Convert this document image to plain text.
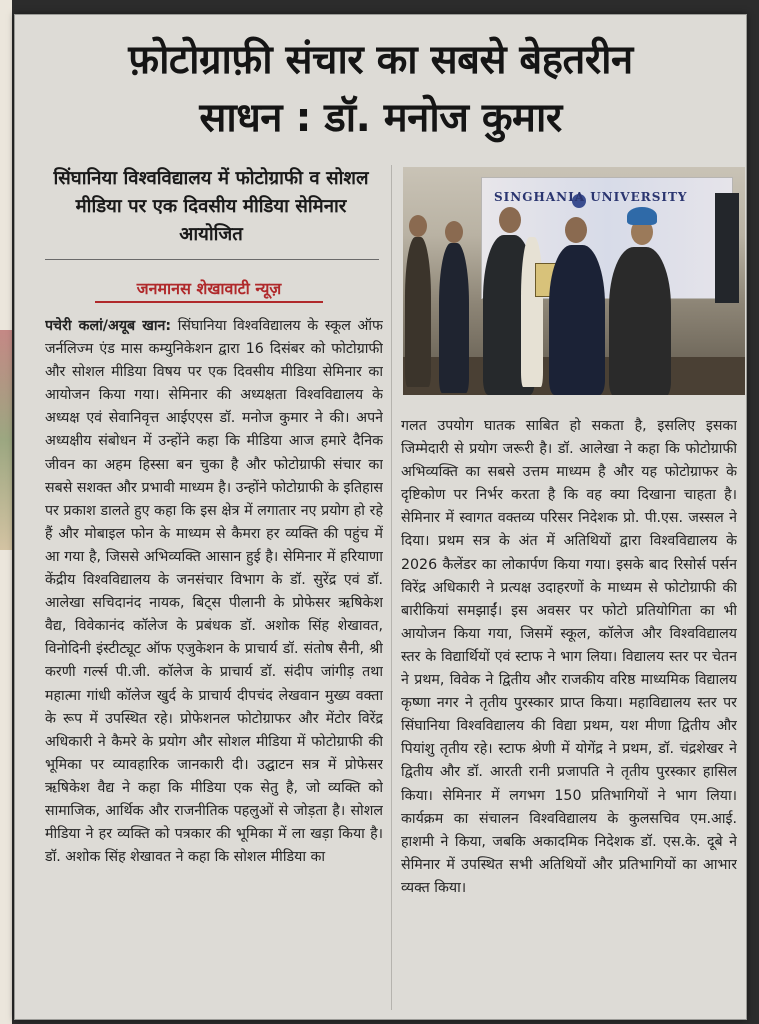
फ़ोटोग्राफ़ी संचार का सबसे बेहतरीन
साधन : डॉ. मनोज कुमार
सिंघानिया विश्वविद्यालय में फोटोग्राफी व सोशल मीडिया पर एक दिवसीय मीडिया सेमिनार आयोजित
जनमानस शेखावाटी न्यूज़
पचेरी कलां/अयूब खान: सिंघानिया विश्वविद्यालय के स्कूल ऑफ जर्नलिज्म एंड मास कम्युनिकेशन द्वारा 16 दिसंबर को फोटोग्राफी और सोशल मीडिया विषय पर एक दिवसीय मीडिया सेमिनार का आयोजन किया गया। सेमिनार की अध्यक्षता विश्वविद्यालय के अध्यक्ष एवं सेवानिवृत्त आईएएस डॉ. मनोज कुमार ने की। अपने अध्यक्षीय संबोधन में उन्होंने कहा कि मीडिया आज हमारे दैनिक जीवन का अहम हिस्सा बन चुका है और फोटोग्राफी संचार का सबसे सशक्त और प्रभावी माध्यम है। उन्होंने फोटोग्राफी के इतिहास पर प्रकाश डालते हुए कहा कि इस क्षेत्र में लगातार नए प्रयोग हो रहे हैं और मोबाइल फोन के माध्यम से कैमरा हर व्यक्ति की पहुंच में आ गया है, जिससे अभिव्यक्ति आसान हुई है। सेमिनार में हरियाणा केंद्रीय विश्वविद्यालय के जनसंचार विभाग के डॉ. सुरेंद्र एवं डॉ. आलेखा सचिदानंद नायक, बिट्स पीलानी के प्रोफेसर ऋषिकेश वैद्य, विवेकानंद कॉलेज के प्रबंधक डॉ. अशोक सिंह शेखावत, विनोदिनी इंस्टीट्यूट ऑफ एजुकेशन के प्राचार्य डॉ. संतोष सैनी, श्री करणी गर्ल्स पी.जी. कॉलेज के प्राचार्य डॉ. संदीप जांगीड़ तथा महात्मा गांधी कॉलेज खुर्द के प्राचार्य दीपचंद लेखवान मुख्य वक्ता के रूप में उपस्थित रहे। प्रोफेशनल फोटोग्राफर और मेंटोर विरेंद्र अधिकारी ने कैमरे के प्रयोग और सोशल मीडिया में फोटोग्राफी की भूमिका पर व्यावहारिक जानकारी दी। उद्घाटन सत्र में प्रोफेसर ऋषिकेश वैद्य ने कहा कि मीडिया एक सेतु है, जो व्यक्ति को सामाजिक, आर्थिक और राजनीतिक पहलुओं से जोड़ता है। सोशल मीडिया ने हर व्यक्ति को पत्रकार की भूमिका में ला खड़ा किया है। डॉ. अशोक सिंह शेखावत ने कहा कि सोशल मीडिया का
SINGHANIA UNIVERSITY
गलत उपयोग घातक साबित हो सकता है, इसलिए इसका जिम्मेदारी से प्रयोग जरूरी है। डॉ. आलेखा ने कहा कि फोटोग्राफी अभिव्यक्ति का सबसे उत्तम माध्यम है और यह फोटोग्राफर के दृष्टिकोण पर निर्भर करता है कि वह क्या दिखाना चाहता है। सेमिनार में स्वागत वक्तव्य परिसर निदेशक प्रो. पी.एस. जस्सल ने दिया। प्रथम सत्र के अंत में अतिथियों द्वारा विश्वविद्यालय के 2026 कैलेंडर का लोकार्पण किया गया। इसके बाद रिसोर्स पर्सन विरेंद्र अधिकारी ने प्रत्यक्ष उदाहरणों के माध्यम से फोटोग्राफी की बारीकियां समझाईं। इस अवसर पर फोटो प्रतियोगिता का भी आयोजन किया गया, जिसमें स्कूल, कॉलेज और विश्वविद्यालय स्तर के विद्यार्थियों एवं स्टाफ ने भाग लिया। विद्यालय स्तर पर चेतन ने प्रथम, विवेक ने द्वितीय और राजकीय वरिष्ठ माध्यमिक विद्यालय कृष्णा नगर ने तृतीय पुरस्कार प्राप्त किया। महाविद्यालय स्तर पर सिंघानिया विश्वविद्यालय की विद्या प्रथम, यश मीणा द्वितीय और पियांशु तृतीय रहे। स्टाफ श्रेणी में योगेंद्र ने प्रथम, डॉ. चंद्रशेखर ने द्वितीय और डॉ. आरती रानी प्रजापति ने तृतीय पुरस्कार हासिल किया। सेमिनार में लगभग 150 प्रतिभागियों ने भाग लिया। कार्यक्रम का संचालन विश्वविद्यालय के कुलसचिव एम.आई. हाशमी ने किया, जबकि अकादमिक निदेशक डॉ. एस.के. दूबे ने सेमिनार में उपस्थित सभी अतिथियों और प्रतिभागियों का आभार व्यक्त किया।
